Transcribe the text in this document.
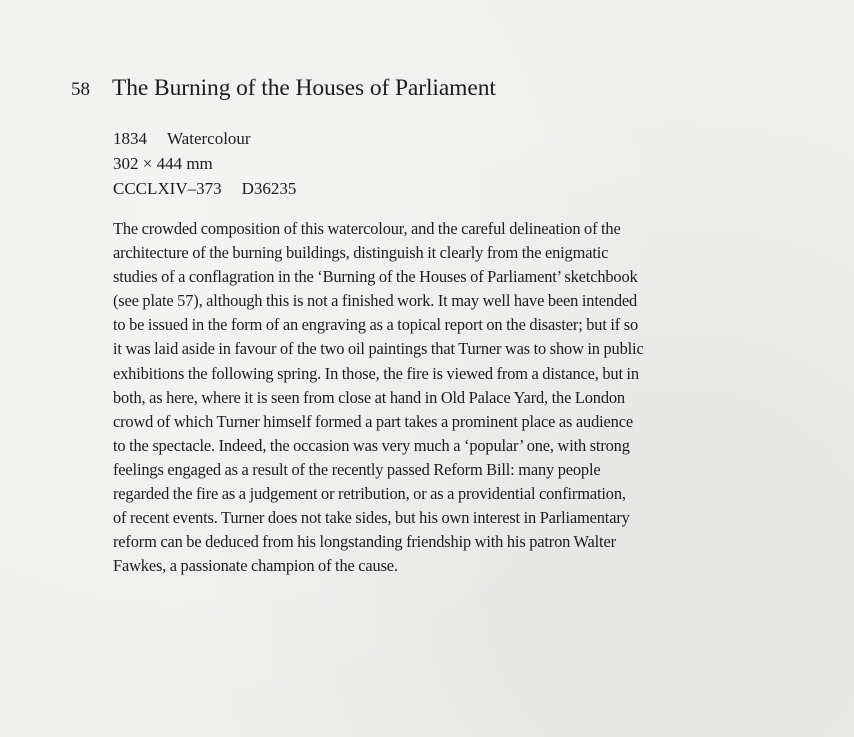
58 The Burning of the Houses of Parliament
1834 Watercolour
302 × 444 mm
CCCLXIV–373 D36235

The crowded composition of this watercolour, and the careful delineation of the
architecture of the burning buildings, distinguish it clearly from the enigmatic
studies of a conflagration in the ‘Burning of the Houses of Parliament’ sketchbook
(see plate 57), although this is not a finished work. It may well have been intended
to be issued in the form of an engraving as a topical report on the disaster; but if so
it was laid aside in favour of the two oil paintings that Turner was to show in public
exhibitions the following spring. In those, the fire is viewed from a distance, but in
both, as here, where it is seen from close at hand in Old Palace Yard, the London
crowd of which Turner himself formed a part takes a prominent place as audience
to the spectacle. Indeed, the occasion was very much a ‘popular’ one, with strong
feelings engaged as a result of the recently passed Reform Bill: many people
regarded the fire as a judgement or retribution, or as a providential confirmation,
of recent events. Turner does not take sides, but his own interest in Parliamentary
reform can be deduced from his longstanding friendship with his patron Walter
Fawkes, a passionate champion of the cause.
